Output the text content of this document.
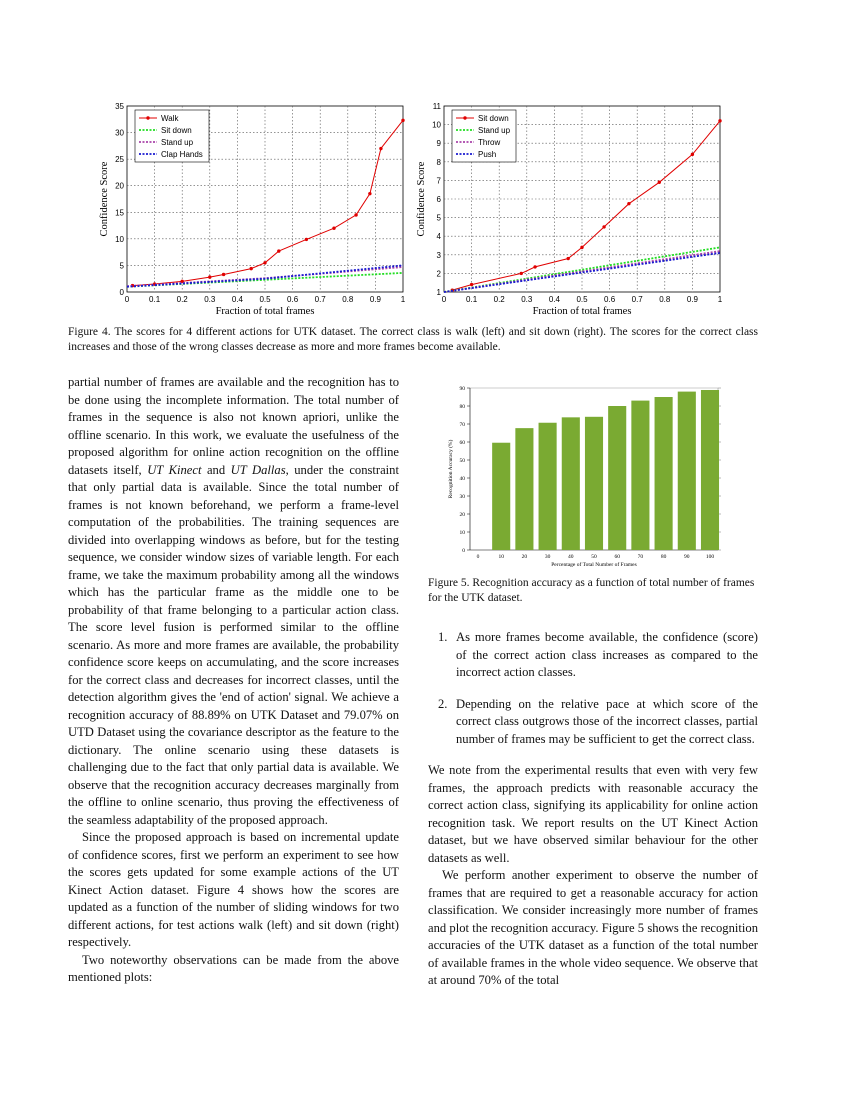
0 0.1 0.2 0.3 0.4 0.5 0.6 0.7 0.8 0.9 1
0
5
10
15
20
25
30
35
Fraction of total frames
Confidence Score
Walk
Sit down
Stand up
Clap Hands
0 0.1 0.2 0.3 0.4 0.5 0.6 0.7 0.8 0.9 1
1
2
3
4
5
6
7
8
9
10
11
Fraction of total frames
Confidence Score
Sit down
Stand up
Throw
Push
Figure 4. The scores for 4 different actions for UTK dataset. The correct class is walk (left) and sit down (right). The scores for the correct class increases and those of the wrong classes decrease as more and more frames become available.
0
10
20
30
40
50
60
70
80
90
0	10	20	30	40	50	60	70	80	90	100
Percentage of Total Number of Frames
Recognition Accuracy (%)
Figure 5. Recognition accuracy as a function of total number of frames for the UTK dataset.

partial number of frames are available and the recognition has to be done using the incomplete information. The total number of frames in the sequence is also not known apriori, unlike the offline scenario. In this work, we evaluate the usefulness of the proposed algorithm for online action recognition on the offline datasets itself, UT Kinect and UT Dallas, under the constraint that only partial data is available. Since the total number of frames is not known beforehand, we perform a frame-level computation of the probabilities. The training sequences are divided into overlapping windows as before, but for the testing sequence, we consider window sizes of variable length. For each frame, we take the maximum probability among all the windows which has the particular frame as the middle one to be probability of that frame belonging to a particular action class. The score level fusion is performed similar to the offline scenario. As more and more frames are available, the probability confidence score keeps on accumulating, and the score increases for the correct class and decreases for incorrect classes, until the detection algorithm gives the 'end of action' signal. We achieve a recognition accuracy of 88.89% on UTK Dataset and 79.07% on UTD Dataset using the covariance descriptor as the feature to the dictionary. The online scenario using these datasets is challenging due to the fact that only partial data is available. We observe that the recognition accuracy decreases marginally from the offline to online scenario, thus proving the effectiveness of the seamless adaptability of the proposed approach.

Since the proposed approach is based on incremental update of confidence scores, first we perform an experiment to see how the scores gets updated for some example actions of the UT Kinect Action dataset. Figure 4 shows how the scores are updated as a function of the number of sliding windows for two different actions, for test actions walk (left) and sit down (right) respectively.

Two noteworthy observations can be made from the above mentioned plots:

1. As more frames become available, the confidence (score) of the correct action class increases as compared to the incorrect action classes.
2. Depending on the relative pace at which score of the correct class outgrows those of the incorrect classes, partial number of frames may be sufficient to get the correct class.

We note from the experimental results that even with very few frames, the approach predicts with reasonable accuracy the correct action class, signifying its applicability for online action recognition task. We report results on the UT Kinect Action dataset, but we have observed similar behaviour for the other datasets as well.

We perform another experiment to observe the number of frames that are required to get a reasonable accuracy for action classification. We consider increasingly more number of frames and plot the recognition accuracy. Figure 5 shows the recognition accuracies of the UTK dataset as a function of the total number of available frames in the whole video sequence. We observe that at around 70% of the total
